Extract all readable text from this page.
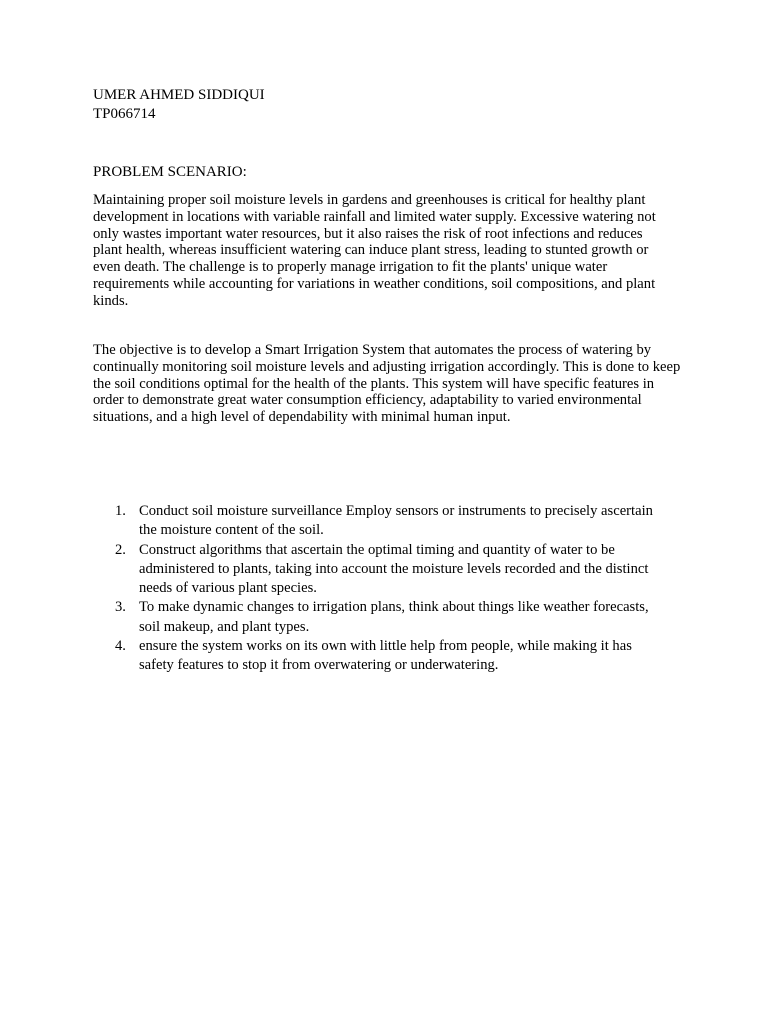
UMER AHMED SIDDIQUI

TP066714

PROBLEM SCENARIO:

Maintaining proper soil moisture levels in gardens and greenhouses is critical for healthy plant development in locations with variable rainfall and limited water supply. Excessive watering not only wastes important water resources, but it also raises the risk of root infections and reduces plant health, whereas insufficient watering can induce plant stress, leading to stunted growth or even death. The challenge is to properly manage irrigation to fit the plants' unique water requirements while accounting for variations in weather conditions, soil compositions, and plant kinds.

The objective is to develop a Smart Irrigation System that automates the process of watering by continually monitoring soil moisture levels and adjusting irrigation accordingly. This is done to keep the soil conditions optimal for the health of the plants. This system will have specific features in order to demonstrate great water consumption efficiency, adaptability to varied environmental situations, and a high level of dependability with minimal human input.

1. Conduct soil moisture surveillance Employ sensors or instruments to precisely ascertain the moisture content of the soil.
2. Construct algorithms that ascertain the optimal timing and quantity of water to be administered to plants, taking into account the moisture levels recorded and the distinct needs of various plant species.
3. To make dynamic changes to irrigation plans, think about things like weather forecasts, soil makeup, and plant types.
4. ensure the system works on its own with little help from people, while making it has safety features to stop it from overwatering or underwatering.
